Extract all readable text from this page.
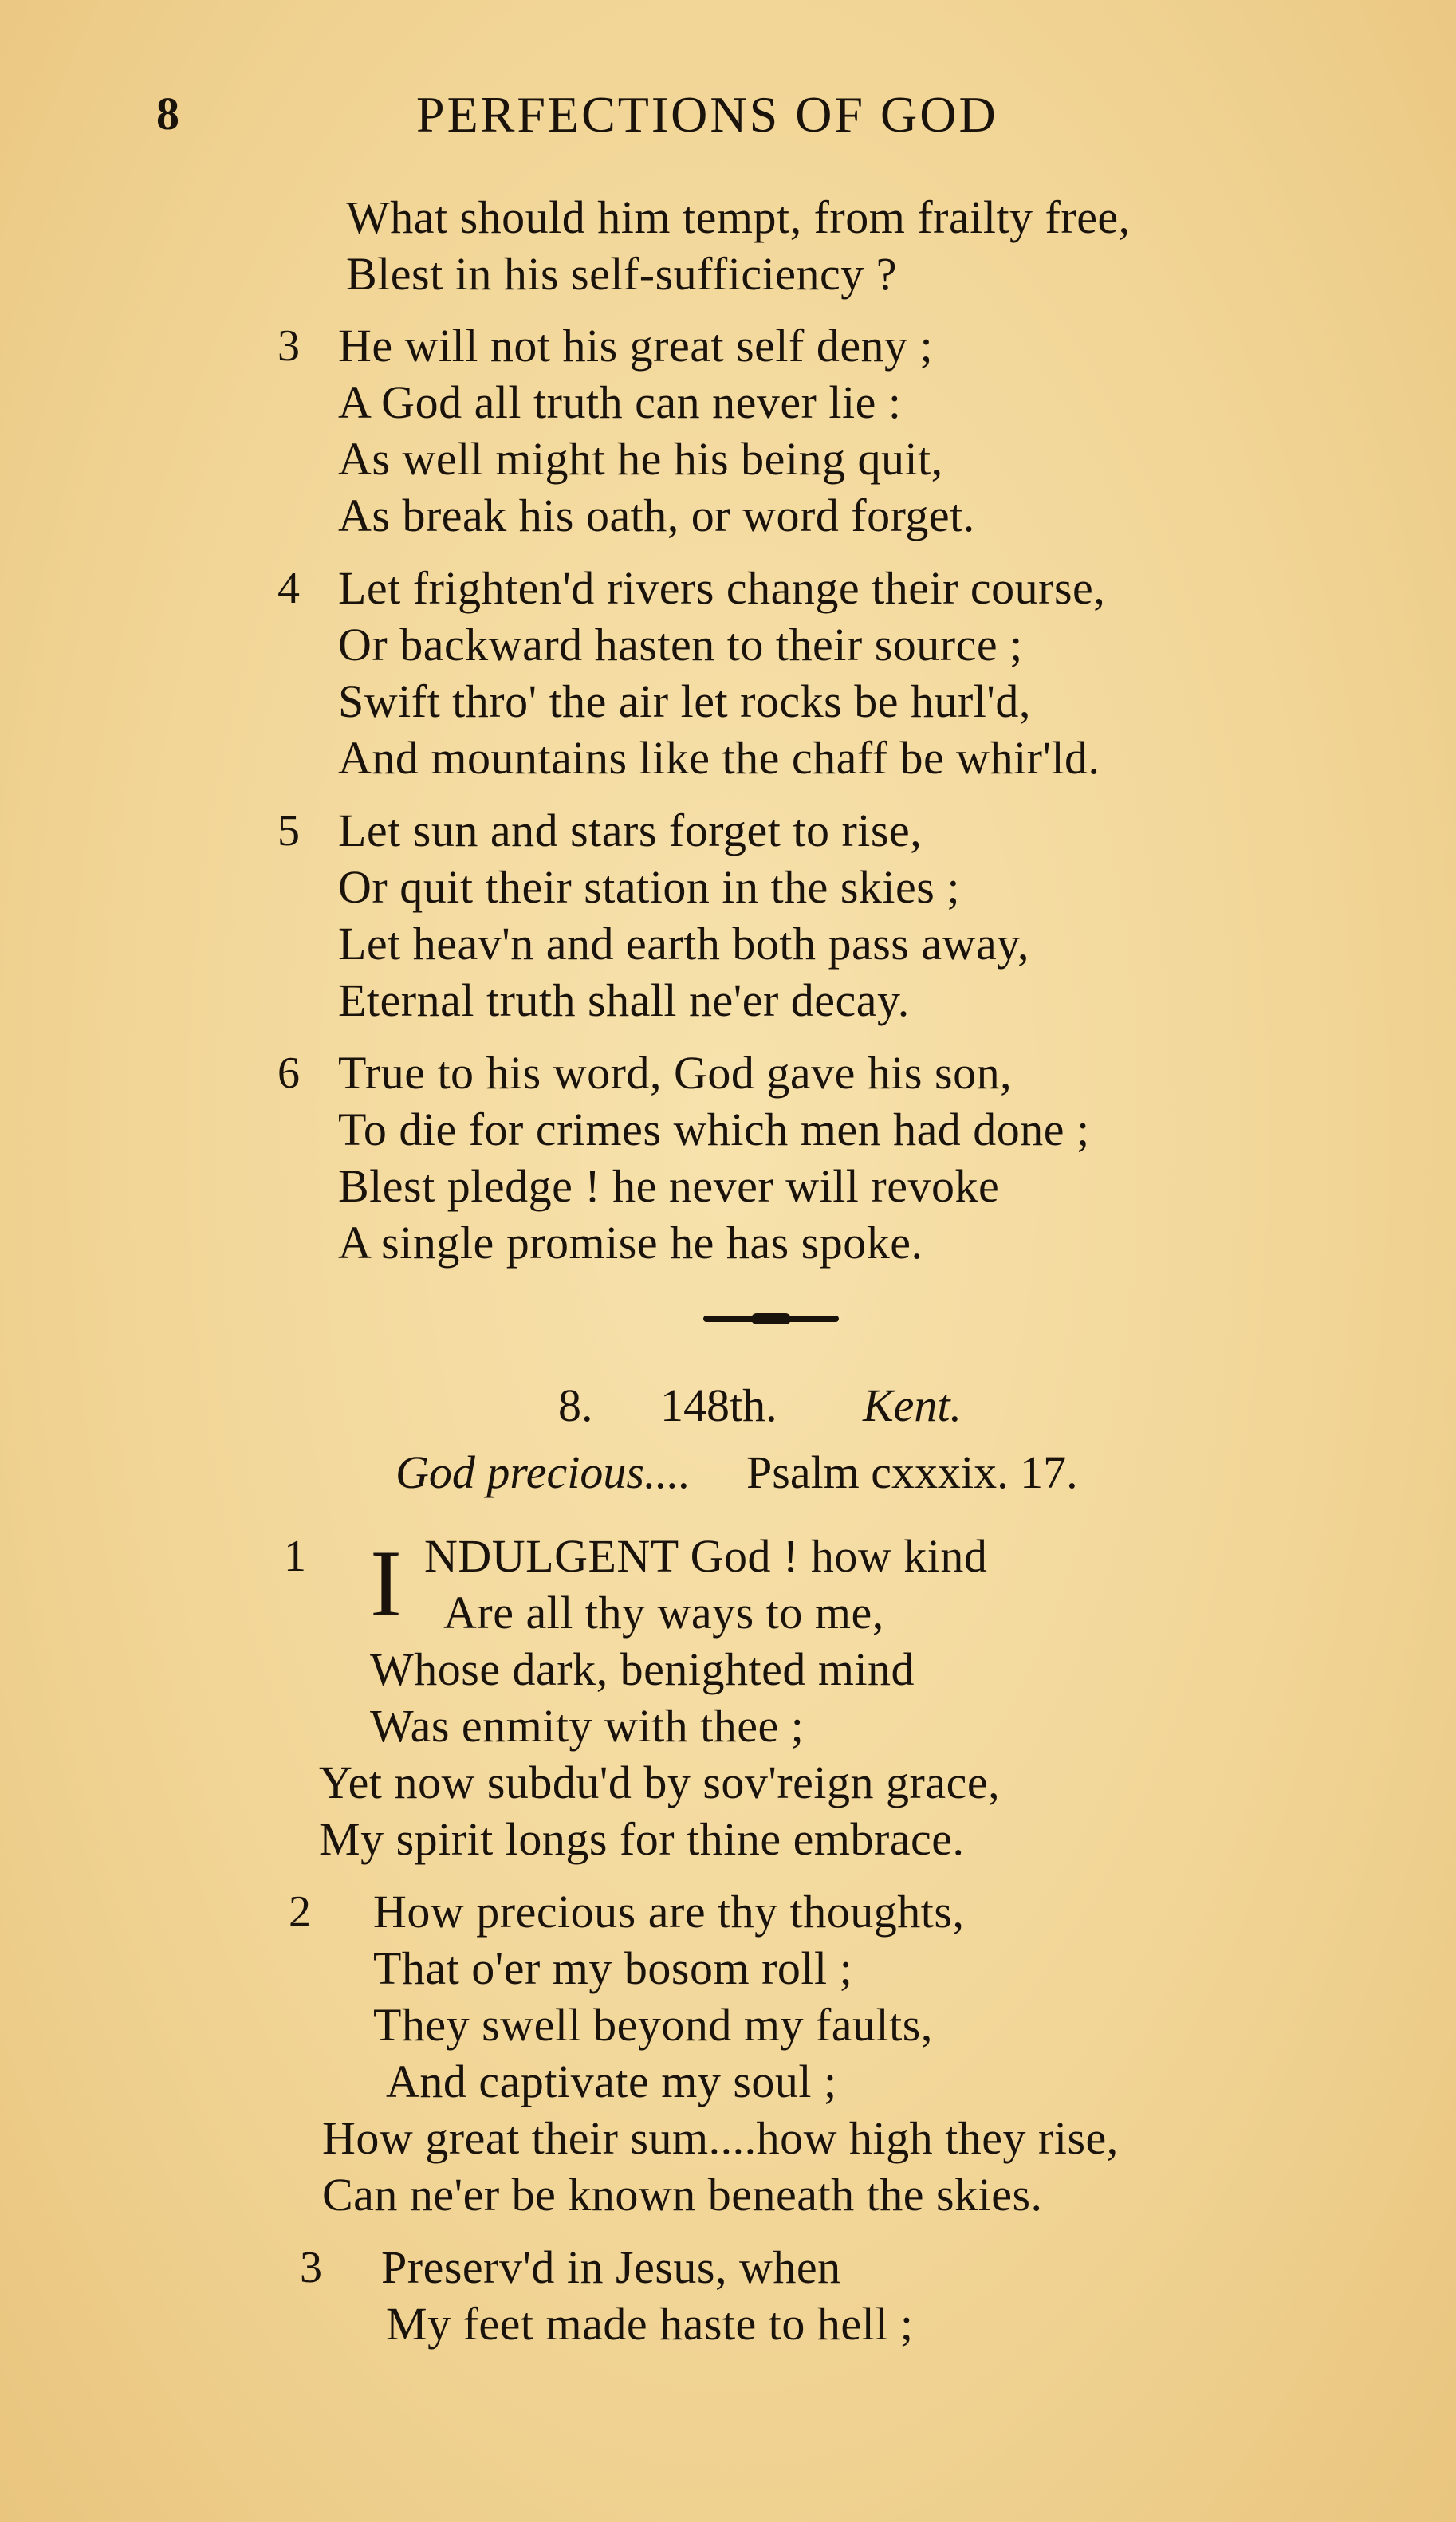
8	PERFECTIONS OF GOD
What should him tempt, from frailty free,
Blest in his self-sufficiency ?
3 He will not his great self deny ;
A God all truth can never lie :
As well might he his being quit,
As break his oath, or word forget.
4 Let frighten'd rivers change their course,
Or backward hasten to their source ;
Swift thro' the air let rocks be hurl'd,
And mountains like the chaff be whir'ld.
5 Let sun and stars forget to rise,
Or quit their station in the skies ;
Let heav'n and earth both pass away,
Eternal truth shall ne'er decay.
6 True to his word, God gave his son,
To die for crimes which men had done ;
Blest pledge ! he never will revoke
A single promise he has spoke.
8. 148th. Kent.
God precious.... Psalm cxxxix. 17.
1 I NDULGENT God ! how kind
Are all thy ways to me,
Whose dark, benighted mind
Was enmity with thee ;
Yet now subdu'd by sov'reign grace,
My spirit longs for thine embrace.
2 How precious are thy thoughts,
That o'er my bosom roll ;
They swell beyond my faults,
And captivate my soul ;
How great their sum....how high they rise,
Can ne'er be known beneath the skies.
3 Preserv'd in Jesus, when
My feet made haste to hell ;
